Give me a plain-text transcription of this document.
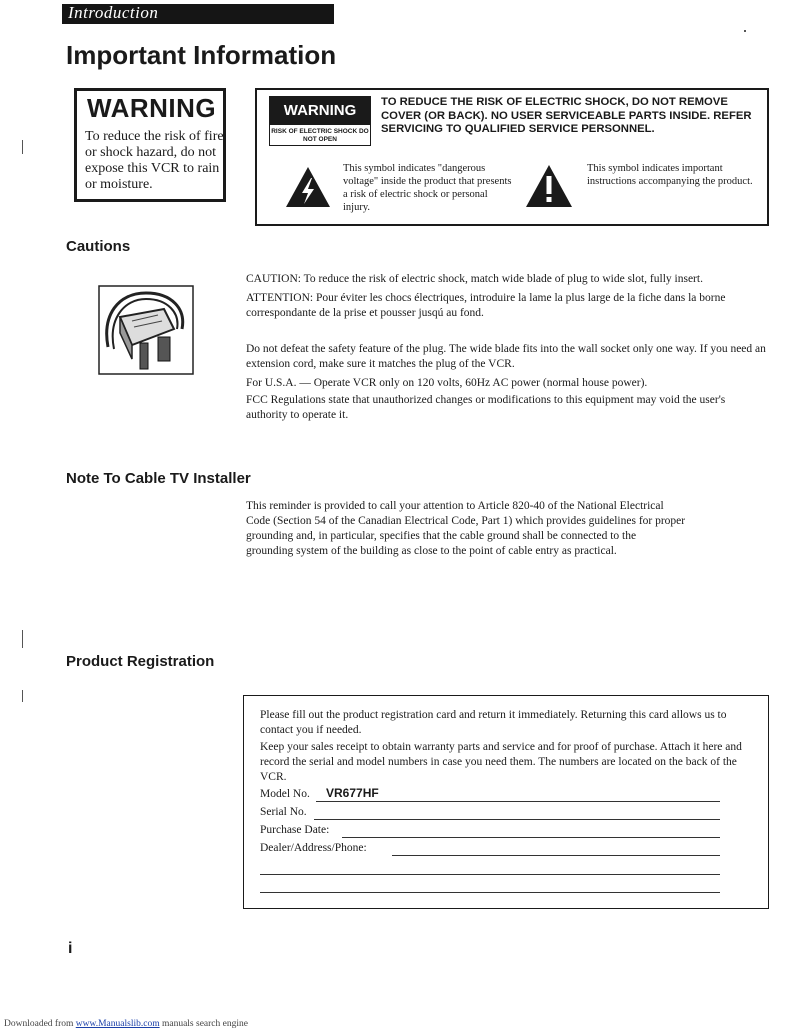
Introduction
Important Information
WARNING
To reduce the risk of fire or shock hazard, do not expose this VCR to rain or moisture.
WARNING
RISK OF ELECTRIC SHOCK DO NOT OPEN
TO REDUCE THE RISK OF ELECTRIC SHOCK, DO NOT REMOVE COVER (OR BACK). NO USER SERVICEABLE PARTS INSIDE. REFER SERVICING TO QUALIFIED SERVICE PERSONNEL.
This symbol indicates "dangerous voltage" inside the product that presents a risk of electric shock or personal injury.
This symbol indicates important instructions accompanying the product.
Cautions

CAUTION: To reduce the risk of electric shock, match wide blade of plug to wide slot, fully insert.

ATTENTION: Pour éviter les chocs électriques, introduire la lame la plus large de la fiche dans la borne correspondante de la prise et pousser jusqú au fond.

Do not defeat the safety feature of the plug. The wide blade fits into the wall socket only one way. If you need an extension cord, make sure it matches the plug of the VCR.

For U.S.A. — Operate VCR only on 120 volts, 60Hz AC power (normal house power).

FCC Regulations state that unauthorized changes or modifications to this equipment may void the user's authority to operate it.

Note To Cable TV Installer

This reminder is provided to call your attention to Article 820-40 of the National Electrical Code (Section 54 of the Canadian Electrical Code, Part 1) which provides guidelines for proper grounding and, in particular, specifies that the cable ground shall be connected to the grounding system of the building as close to the point of cable entry as practical.

Product Registration

Please fill out the product registration card and return it immediately. Returning this card allows us to contact you if needed.

Keep your sales receipt to obtain warranty parts and service and for proof of purchase. Attach it here and record the serial and model numbers in case you need them. The numbers are located on the back of the VCR.

Model No. VR677HF
Serial No.
Purchase Date:
Dealer/Address/Phone:
i
Downloaded from www.Manualslib.com manuals search engine
